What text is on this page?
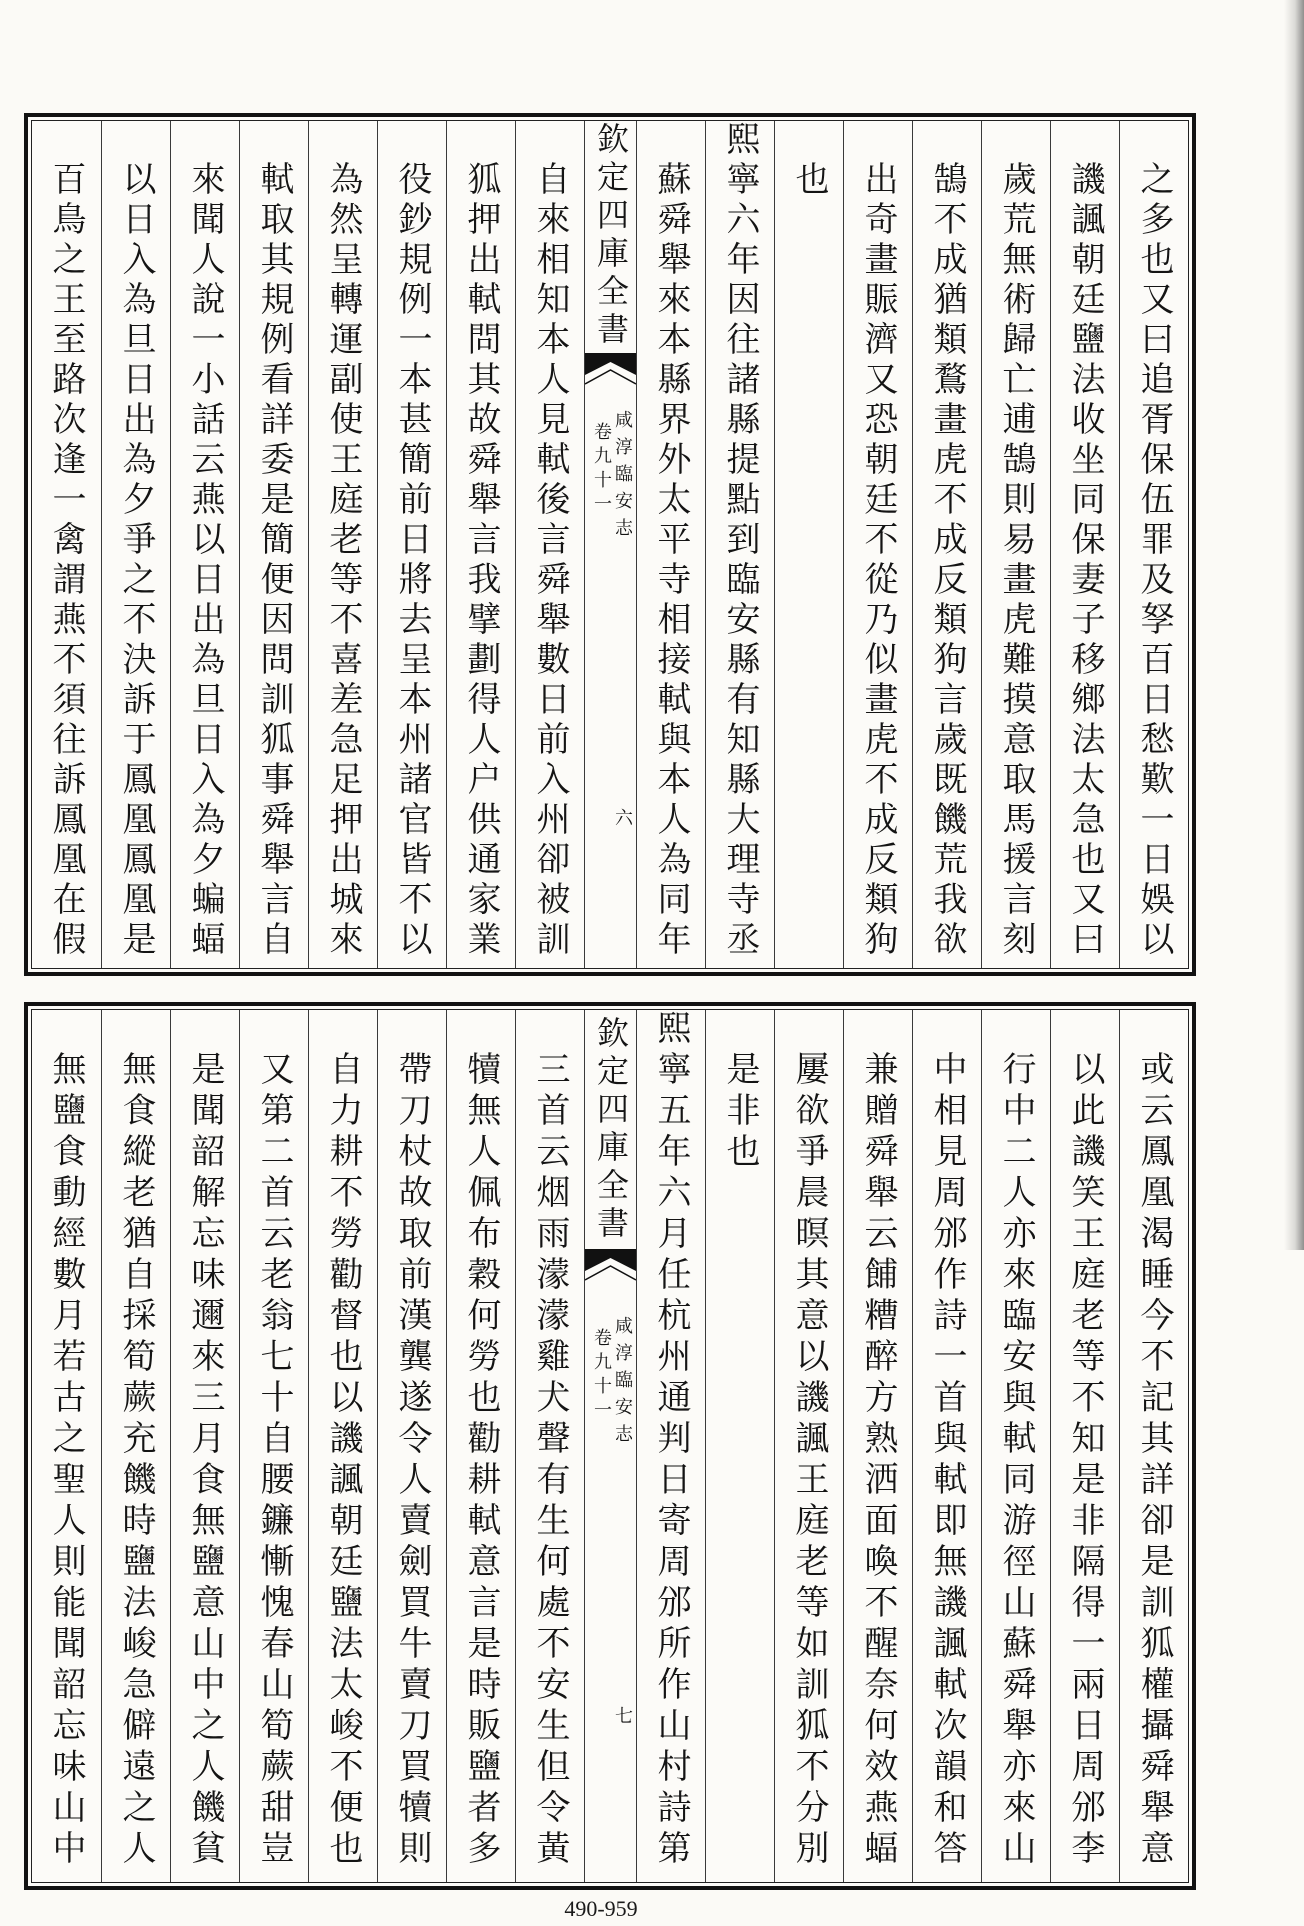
之多也又曰追胥保伍罪及孥百日愁歎一日娛以
譏諷朝廷鹽法收坐同保妻子移鄉法太急也又曰
歲荒無術歸亡逋鵠則易畫虎難摸意取馬援言刻
鵠不成猶類鶩畫虎不成反類狗言歲既饑荒我欲
出奇畫賑濟又恐朝廷不從乃似畫虎不成反類狗
也
熙寧六年因往諸縣提點到臨安縣有知縣大理寺丞
蘇舜舉來本縣界外太平寺相接軾與本人為同年
欽定四庫全書
咸淳臨安志
卷九十一
六
自來相知本人見軾後言舜舉數日前入州卻被訓
狐押出軾問其故舜舉言我擘劃得人户供通家業
役鈔規例一本甚簡前日將去呈本州諸官皆不以
為然呈轉運副使王庭老等不喜差急足押出城來
軾取其規例看詳委是簡便因問訓狐事舜舉言自
來聞人說一小話云燕以日出為旦日入為夕蝙蝠
以日入為旦日出為夕爭之不決訴于鳳凰鳳凰是
百鳥之王至路次逢一禽謂燕不須往訴鳳凰在假
或云鳳凰渴睡今不記其詳卻是訓狐權攝舜舉意
以此譏笑王庭老等不知是非隔得一兩日周邠李
行中二人亦來臨安與軾同游徑山蘇舜舉亦來山
中相見周邠作詩一首與軾即無譏諷軾次韻和答
兼贈舜舉云餔糟醉方熟洒面喚不醒奈何效燕蝠
屢欲爭晨暝其意以譏諷王庭老等如訓狐不分別
是非也
熙寧五年六月任杭州通判日寄周邠所作山村詩第
欽定四庫全書
咸淳臨安志
卷九十一
七
三首云烟雨濛濛雞犬聲有生何處不安生但令黃
犢無人佩布穀何勞也勸耕軾意言是時販鹽者多
帶刀杖故取前漢龔遂令人賣劍買牛賣刀買犢則
自力耕不勞勸督也以譏諷朝廷鹽法太峻不便也
又第二首云老翁七十自腰鐮慚愧春山筍蕨甜豈
是聞韶解忘味邇來三月食無鹽意山中之人饑貧
無食縱老猶自採筍蕨充饑時鹽法峻急僻遠之人
無鹽食動經數月若古之聖人則能聞韶忘味山中
490-959
